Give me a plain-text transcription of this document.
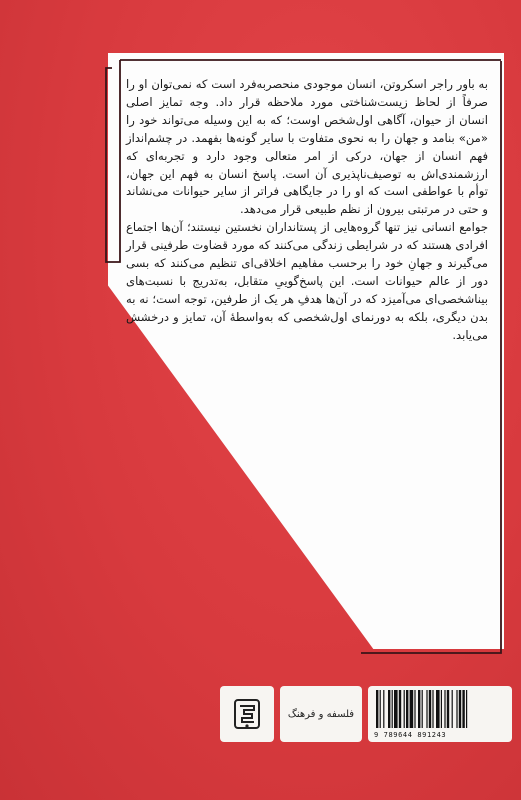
به باور راجر اسکروتن، انسان موجودی منحصربه‌فرد است که نمی‌توان او را صرفاً از لحاظ زیست‌شناختی مورد ملاحظه قرار داد. وجه تمایز اصلی انسان از حیوان، آگاهی اول‌شخص اوست؛ که به این وسیله می‌تواند خود را «من» بنامد و جهان را به نحوی متفاوت با سایر گونه‌ها بفهمد. در چشم‌انداز فهم انسان از جهان، درکی از امر متعالی وجود دارد و تجربه‌ای که ارزشمندی‌اش به توصیف‌ناپذیری آن است. پاسخ انسان به فهم این جهان، توأم با عواطفی است که او را در جایگاهی فراتر از سایر حیوانات می‌نشاند و حتی در مرتبتی بیرون از نظم طبیعی قرار می‌دهد.

جوامع انسانی نیز تنها گروه‌هایی از پستانداران نخستین نیستند؛ آن‌ها اجتماع افرادی هستند که در شرایطی زندگی می‌کنند که مورد قضاوت طرفینی قرار می‌گیرند و جهانِ خود را برحسب مفاهیم اخلاقی‌ای تنظیم می‌کنند که بسی دور از عالم حیوانات است. این پاسخ‌گوییِ متقابل، به‌تدریج با نسبت‌های بیناشخصی‌ای می‌آمیزد که در آن‌ها هدفِ هر یک از طرفین، توجه است؛ نه به بدن دیگری، بلکه به دورنمای اول‌شخصی که به‌واسطهٔ آن، تمایز و درخشش می‌یابد.

فلسفه و فرهنگ
9 789644 891243
